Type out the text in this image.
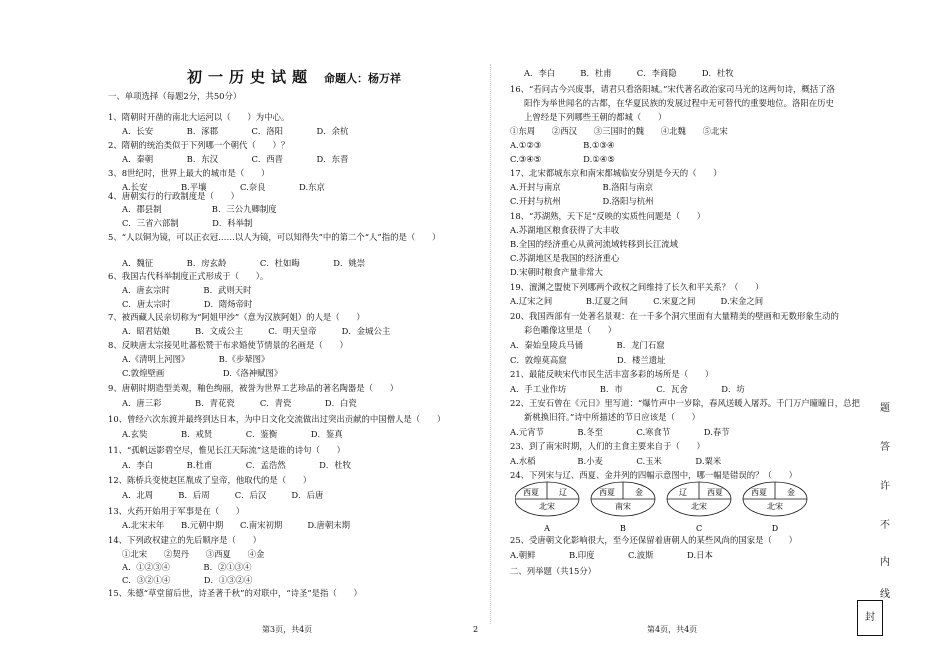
初一历史试题 命题人：杨万祥
一、单项选择（每题2分，共50分）
1、隋朝时开凿的南北大运河以（　　）为中心。
A．长安　　　　B．涿郡　　　　C．洛阳　　　　D．余杭
2、隋朝的统治类似于下列哪一个朝代（　　）？
A．秦朝　　　　B．东汉　　　　C．西晋　　　　D．东晋
3、8世纪时，世界上最大的城市是（　　）
A.长安　　　　B.平壤　　　　C.奈良　　　　D.东京
4、唐朝实行的行政制度是（　　）
A．郡县制　　　　　　B．三公九卿制度
C．三省六部制　　　　D．科举制
5、“人以铜为镜，可以正衣冠……以人为镜，可以知得失”中的第二个“人”指的是（　　）
A．魏征　　　　B．房玄龄　　　　C．杜如晦　　　　D．姚崇
6、我国古代科举制度正式形成于（　　）。
A．唐玄宗时　　　　B．武则天时
C．唐太宗时　　　　D．隋炀帝时
7、被西藏人民亲切称为“阿姐甲沙”（意为汉族阿姐）的人是（　　）
A．昭君姑娘　　　B．文成公主　　　C．明天皇帝　　　D．金城公主
8、反映唐太宗接见吐蕃松赞干布求婚使节情景的名画是（　　）
A.《清明上河图》　　　　B.《步辇图》
C.敦煌壁画　　　　　　　D.《洛神赋图》
9、唐朝时期造型美观，釉色绚丽，被誉为世界工艺珍品的著名陶器是（　　）
A．唐三彩　　　　B．青花瓷　　　C．青瓷　　　　D．白瓷
10、曾经六次东渡并最终到达日本，为中日文化交流做出过突出贡献的中国僧人是（　　）
A.玄奘　　　　B．戒贤　　　　C．鉴衡　　　　D．鉴真
11、“孤帆远影碧空尽，惟见长江天际流”这是谁的诗句（　　）
A．李白　　　　B.杜甫　　　　C．孟浩然　　　　D．杜牧
12、陈桥兵变使赵匡胤成了皇帝，他取代的是（　　）
A．北周　　　B．后周　　　C．后汉　　　D．后唐
13、火药开始用于军事是在（　　）
A.北宋末年　　B.元朝中期　　C.南宋初期　　　D.唐朝末期
14、下列政权建立的先后顺序是（　　）
①北宋　　②契丹　　③西夏　　④金
A．①②③④　　　　B．②①③④
C．③②①④　　　　D．①③②④
15、朱德“草堂留后世，诗圣著千秋”的对联中，“诗圣”是指（　　）
A．李白　　　B．杜甫　　　C．李商隐　　　D．杜牧
16、“若问古今兴废事，请君只看洛阳城。”宋代著名政治家司马光的这两句诗，概括了洛
阳作为举世闻名的古都，在华夏民族的发展过程中无可替代的重要地位。洛阳在历史
上曾经是下列哪些王朝的都城（　　）
①东周　　②西汉　　③三国时的魏　　④北魏　　⑤北宋
A.①②③　　　　　B.①③④
C.③④⑤　　　　　D.①④⑤
17、北宋都城东京和南宋都城临安分别是今天的（　　）
A.开封与南京　　　　　B.洛阳与南京
C.开封与杭州　　　　　D.洛阳与杭州
18、“苏湖熟，天下足”反映的实质性问题是（　　）
A.苏湖地区粮食获得了大丰收
B.全国的经济重心从黄河流域转移到长江流域
C.苏湖地区是我国的经济重心
D.宋朝时粮食产量非常大
19、澶渊之盟使下列哪两个政权之间维持了长久和平关系？（　　）
A.辽宋之间　　　　B.辽夏之间　　　C.宋夏之间　　　D.宋金之间
20、我国西部有一处著名景观：在一千多个洞穴里面有大量精美的壁画和无数形象生动的
彩色雕像这里是（　　）
A．秦始皇陵兵马俑　　　　B．龙门石窟
C．敦煌莫高窟　　　　　　D．楼兰遗址
21、最能反映宋代市民生活丰富多彩的场所是（　　）
A．手工业作坊　　　　B．市　　　　C．瓦舍　　　　D．坊
22、王安石曾在《元日》里写道：“爆竹声中一岁除，春风送暖入屠苏。千门万户曈曈日，总把
新桃换旧符。”诗中所描述的节日应该是（　　）
A.元宵节　　　　B.冬至　　　　C.寒食节　　　　D.春节
23、到了南宋时期，人们的主食主要来自于（　　）
A.水稻　　　　　B.小麦　　　　C.玉米　　　　D.粟米
24、下列宋与辽、西夏、金并列的四幅示意图中，哪一幅是错误的？（　　）
25、受唐朝文化影响很大，至今还保留着唐朝人的某些风尚的国家是（　　）
A.朝鲜　　　　B.印度　　　　C.波斯　　　　D.日本
二、列举题（共15分）
西夏	辽
北宋
A
西夏	金
南宋
B
辽	西夏
北宋
C
西夏	金
北宋
D
题
答
许
不
内
线
封
第3页，共4页	2	第4页，共4页
